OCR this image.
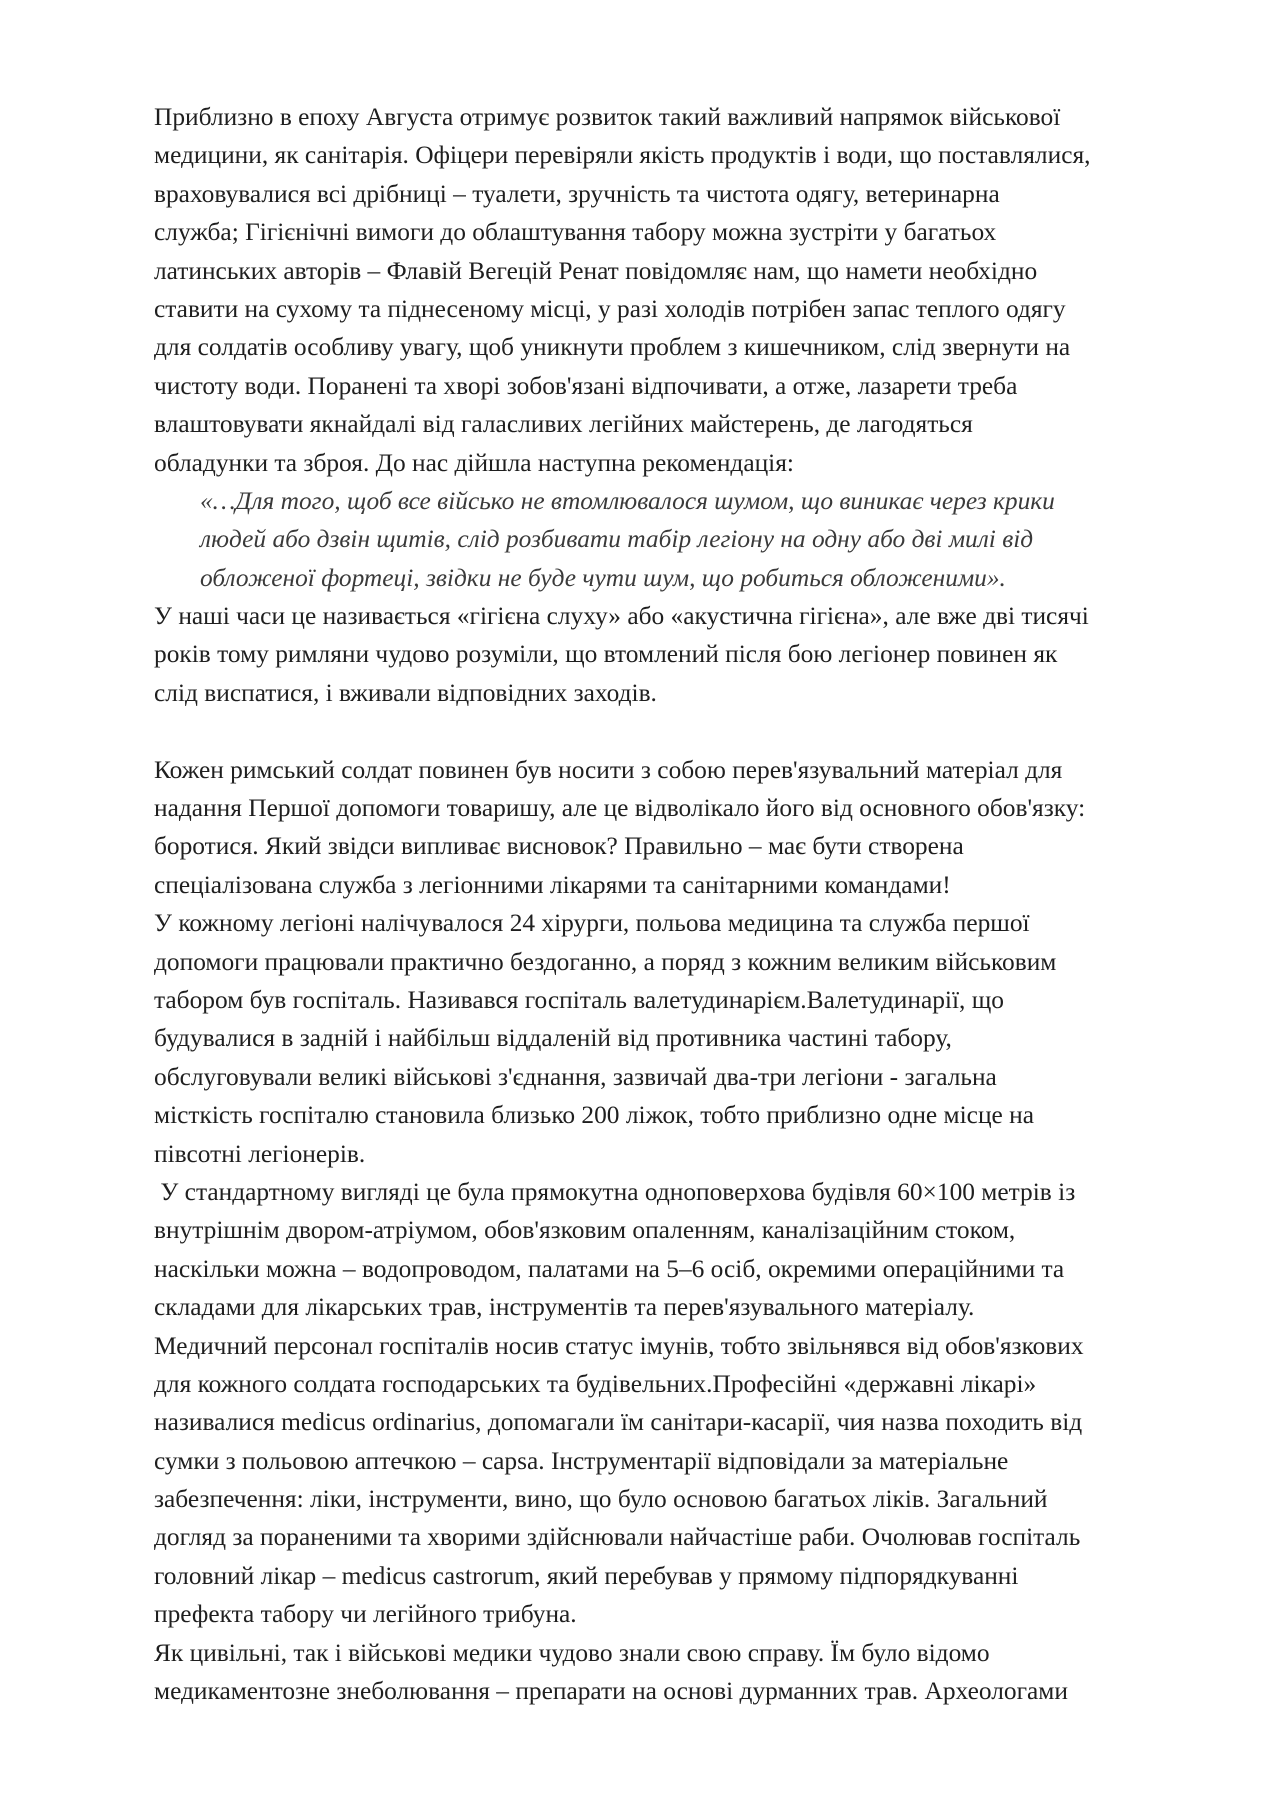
Приблизно в епоху Августа отримує розвиток такий важливий напрямок військової
медицини, як санітарія. Офіцери перевіряли якість продуктів і води, що поставлялися,
враховувалися всі дрібниці – туалети, зручність та чистота одягу, ветеринарна
служба; Гігієнічні вимоги до облаштування табору можна зустріти у багатьох
латинських авторів – Флавій Вегецій Ренат повідомляє нам, що намети необхідно
ставити на сухому та піднесеному місці, у разі холодів потрібен запас теплого одягу
для солдатів особливу увагу, щоб уникнути проблем з кишечником, слід звернути на
чистоту води. Поранені та хворі зобов'язані відпочивати, а отже, лазарети треба
влаштовувати якнайдалі від галасливих легійних майстерень, де лагодяться
обладунки та зброя. До нас дійшла наступна рекомендація:
«…Для того, щоб все військо не втомлювалося шумом, що виникає через крики
людей або дзвін щитів, слід розбивати табір легіону на одну або дві милі від
обложеної фортеці, звідки не буде чути шум, що робиться обложеними».
У наші часи це називається «гігієна слуху» або «акустична гігієна», але вже дві тисячі
років тому римляни чудово розуміли, що втомлений після бою легіонер повинен як
слід виспатися, і вживали відповідних заходів.
Кожен римський солдат повинен був носити з собою перев'язувальний матеріал для
надання Першої допомоги товаришу, але це відволікало його від основного обов'язку:
боротися. Який звідси випливає висновок? Правильно – має бути створена
спеціалізована служба з легіонними лікарями та санітарними командами!
У кожному легіоні налічувалося 24 хірурги, польова медицина та служба першої
допомоги працювали практично бездоганно, а поряд з кожним великим військовим
табором був госпіталь. Називався госпіталь валетудинарієм.Валетудинарії, що
будувалися в задній і найбільш віддаленій від противника частині табору,
обслуговували великі військові з'єднання, зазвичай два-три легіони - загальна
місткість госпіталю становила близько 200 ліжок, тобто приблизно одне місце на
півсотні легіонерів.
У стандартному вигляді це була прямокутна одноповерхова будівля 60×100 метрів із
внутрішнім двором-атріумом, обов'язковим опаленням, каналізаційним стоком,
наскільки можна – водопроводом, палатами на 5–6 осіб, окремими операційними та
складами для лікарських трав, інструментів та перев'язувального матеріалу.
Медичний персонал госпіталів носив статус імунів, тобто звільнявся від обов'язкових
для кожного солдата господарських та будівельних.Професійні «державні лікарі»
називалися medicus ordinarius, допомагали їм санітари-касарії, чия назва походить від
сумки з польовою аптечкою – capsa. Інструментарії відповідали за матеріальне
забезпечення: ліки, інструменти, вино, що було основою багатьох ліків. Загальний
догляд за пораненими та хворими здійснювали найчастіше раби. Очолював госпіталь
головний лікар – medicus castrorum, який перебував у прямому підпорядкуванні
префекта табору чи легійного трибуна.
Як цивільні, так і військові медики чудово знали свою справу. Їм було відомо
медикаментозне знеболювання – препарати на основі дурманних трав. Археологами
